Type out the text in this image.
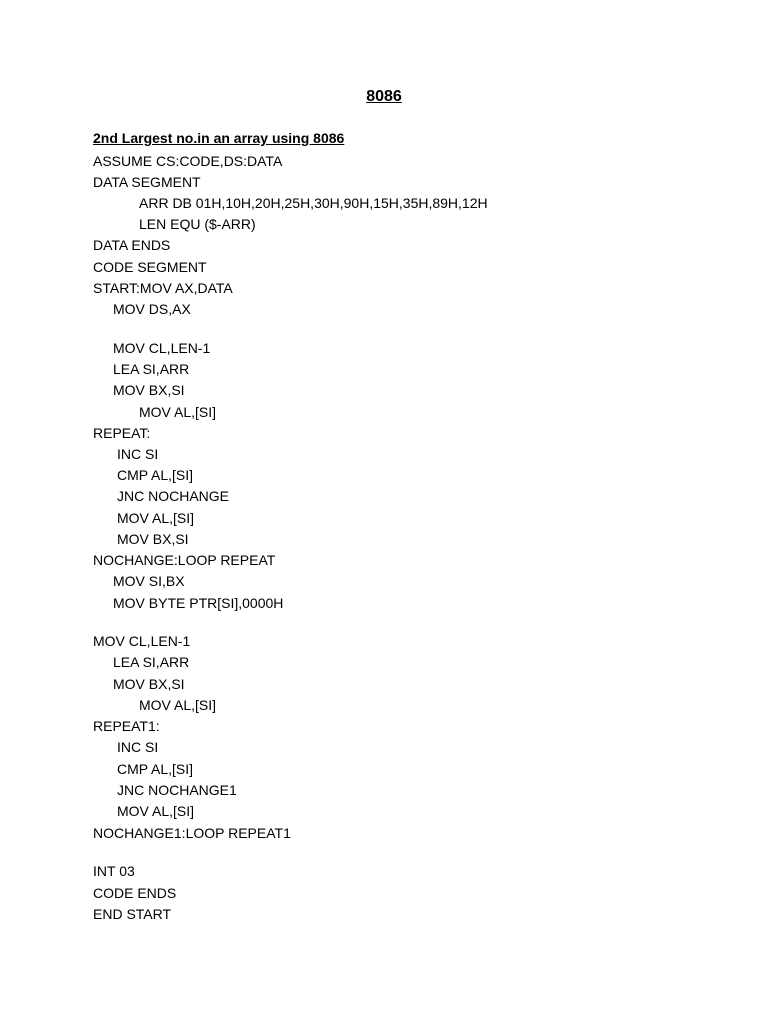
8086
2nd Largest no.in an array using 8086

ASSUME CS:CODE,DS:DATA

DATA SEGMENT

ARR DB 01H,10H,20H,25H,30H,90H,15H,35H,89H,12H

LEN EQU ($-ARR)

DATA ENDS

CODE SEGMENT

START:MOV AX,DATA

MOV DS,AX

MOV CL,LEN-1

LEA SI,ARR

MOV BX,SI

MOV AL,[SI]

REPEAT:

INC SI

CMP AL,[SI]

JNC NOCHANGE

MOV AL,[SI]

MOV BX,SI

NOCHANGE:LOOP REPEAT

MOV SI,BX

MOV BYTE PTR[SI],0000H

MOV CL,LEN-1

LEA SI,ARR

MOV BX,SI

MOV AL,[SI]

REPEAT1:

INC SI

CMP AL,[SI]

JNC NOCHANGE1

MOV AL,[SI]

NOCHANGE1:LOOP REPEAT1

INT 03

CODE ENDS

END START
